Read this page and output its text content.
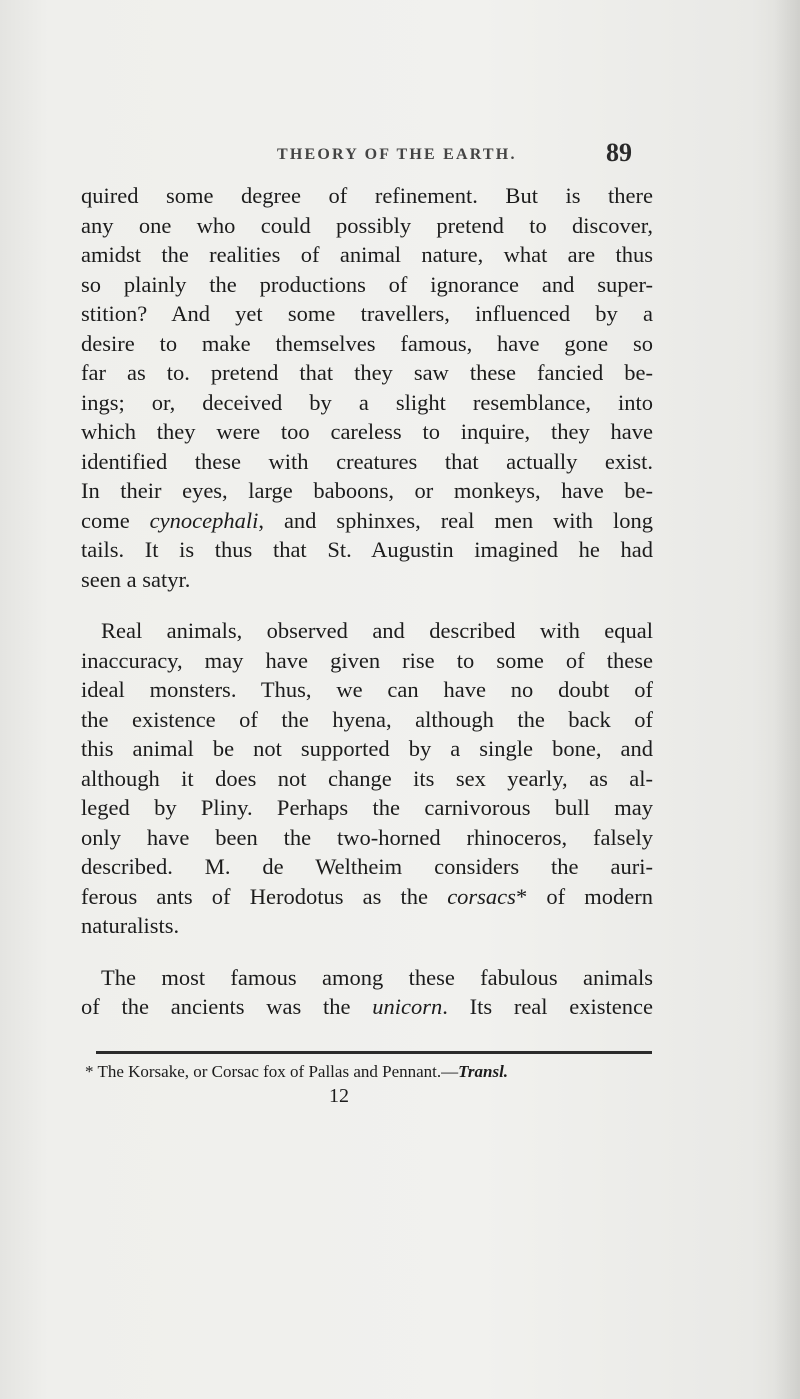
THEORY OF THE EARTH.	89
quired some degree of refinement. But is there
any one who could possibly pretend to discover,
amidst the realities of animal nature, what are thus
so plainly the productions of ignorance and super-
stition? And yet some travellers, influenced by a
desire to make themselves famous, have gone so
far as to. pretend that they saw these fancied be-
ings; or, deceived by a slight resemblance, into
which they were too careless to inquire, they have
identified these with creatures that actually exist.
In their eyes, large baboons, or monkeys, have be-
come cynocephali, and sphinxes, real men with long
tails. It is thus that St. Augustin imagined he had
seen a satyr.
Real animals, observed and described with equal
inaccuracy, may have given rise to some of these
ideal monsters. Thus, we can have no doubt of
the existence of the hyena, although the back of
this animal be not supported by a single bone, and
although it does not change its sex yearly, as al-
leged by Pliny. Perhaps the carnivorous bull may
only have been the two-horned rhinoceros, falsely
described. M. de Weltheim considers the auri-
ferous ants of Herodotus as the corsacs* of modern
naturalists.
The most famous among these fabulous animals
of the ancients was the unicorn. Its real existence
* The Korsake, or Corsac fox of Pallas and Pennant.—Transl.
12
